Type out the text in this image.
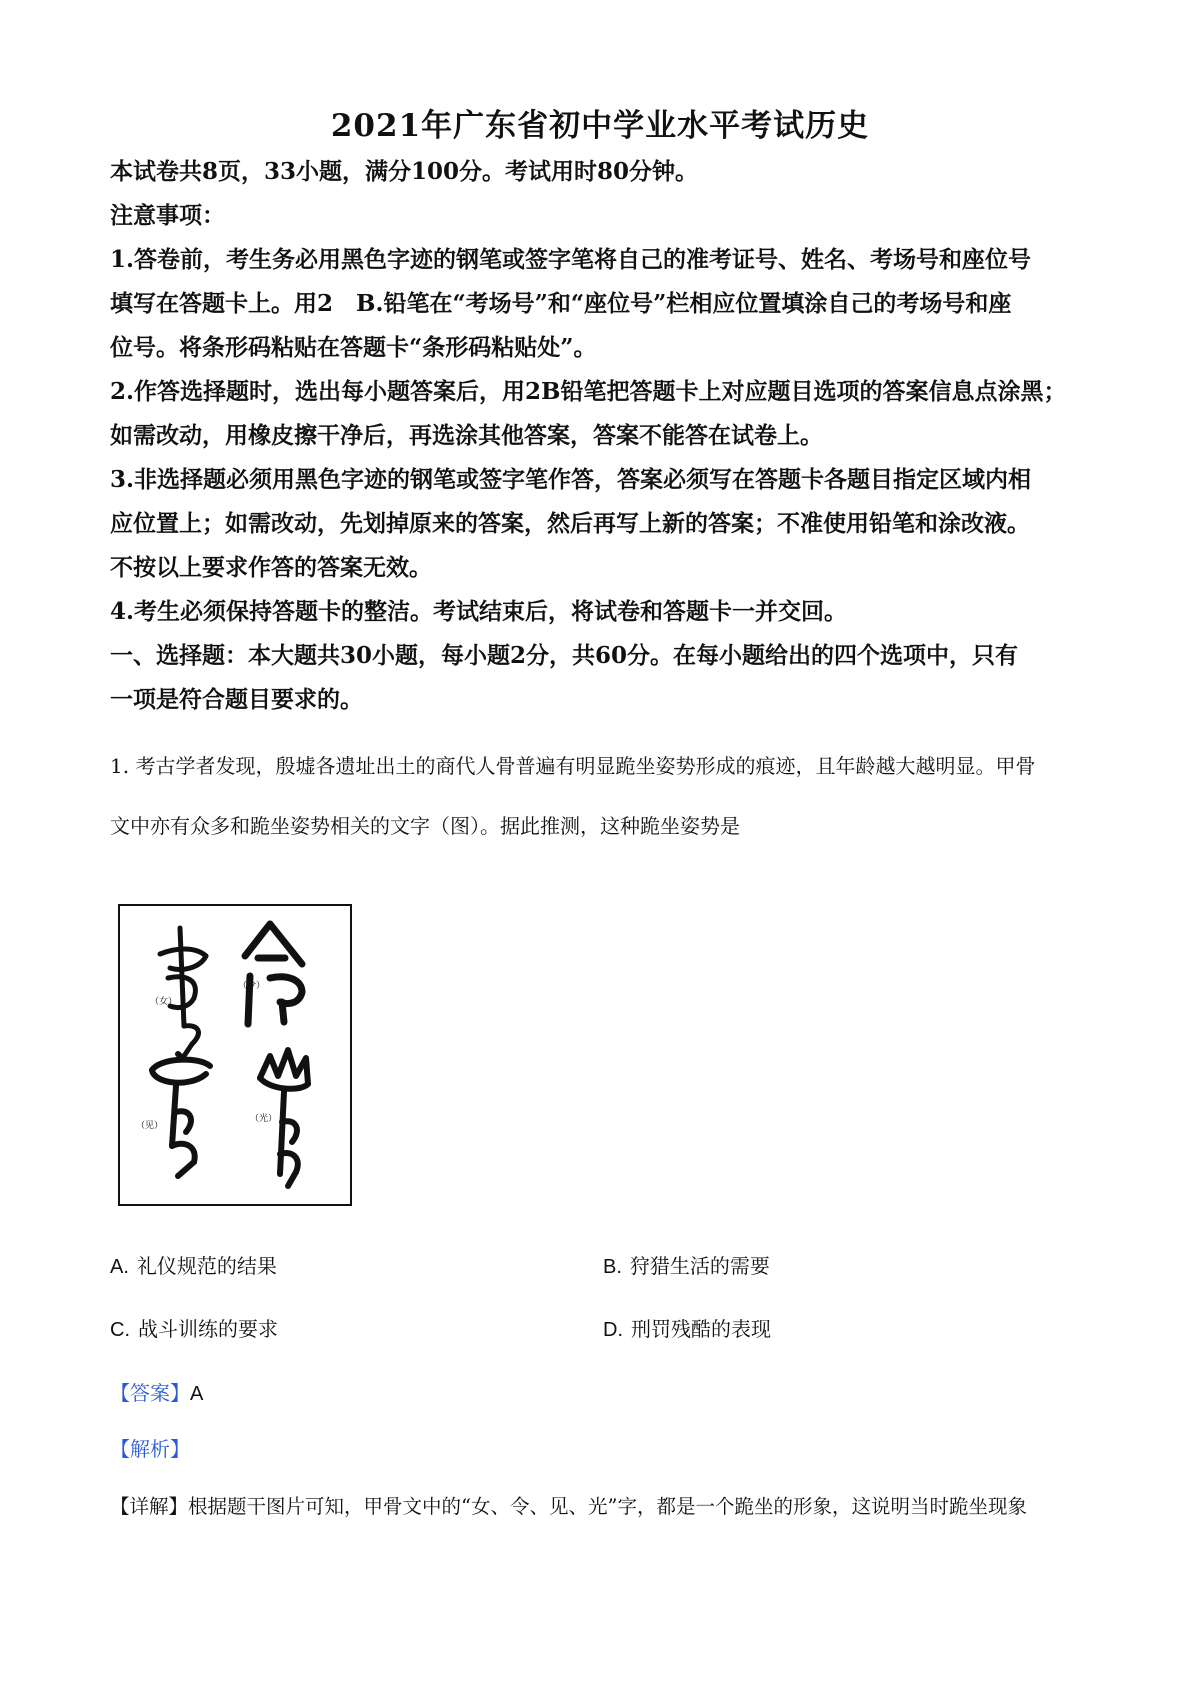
2021年广东省初中学业水平考试历史
本试卷共8页，33小题，满分100分。考试用时80分钟。
注意事项：
1.答卷前，考生务必用黑色字迹的钢笔或签字笔将自己的准考证号、姓名、考场号和座位号
填写在答题卡上。用2　B.铅笔在“考场号”和“座位号”栏相应位置填涂自己的考场号和座
位号。将条形码粘贴在答题卡“条形码粘贴处”。
2.作答选择题时，选出每小题答案后，用2B铅笔把答题卡上对应题目选项的答案信息点涂黑；
如需改动，用橡皮擦干净后，再选涂其他答案，答案不能答在试卷上。
3.非选择题必须用黑色字迹的钢笔或签字笔作答，答案必须写在答题卡各题目指定区域内相
应位置上；如需改动，先划掉原来的答案，然后再写上新的答案；不准使用铅笔和涂改液。
不按以上要求作答的答案无效。
4.考生必须保持答题卡的整洁。考试结束后，将试卷和答题卡一并交回。
一、选择题：本大题共30小题，每小题2分，共60分。在每小题给出的四个选项中，只有
一项是符合题目要求的。
1. 考古学者发现，殷墟各遗址出土的商代人骨普遍有明显跪坐姿势形成的痕迹，且年龄越大越明显。甲骨
文中亦有众多和跪坐姿势相关的文字（图）。据此推测，这种跪坐姿势是
（女）
（令）
（见）
（光）
A. 礼仪规范的结果	B. 狩猎生活的需要
C. 战斗训练的要求	D. 刑罚残酷的表现
【答案】A
【解析】
【详解】根据题干图片可知，甲骨文中的“女、令、见、光”字，都是一个跪坐的形象，这说明当时跪坐现象
